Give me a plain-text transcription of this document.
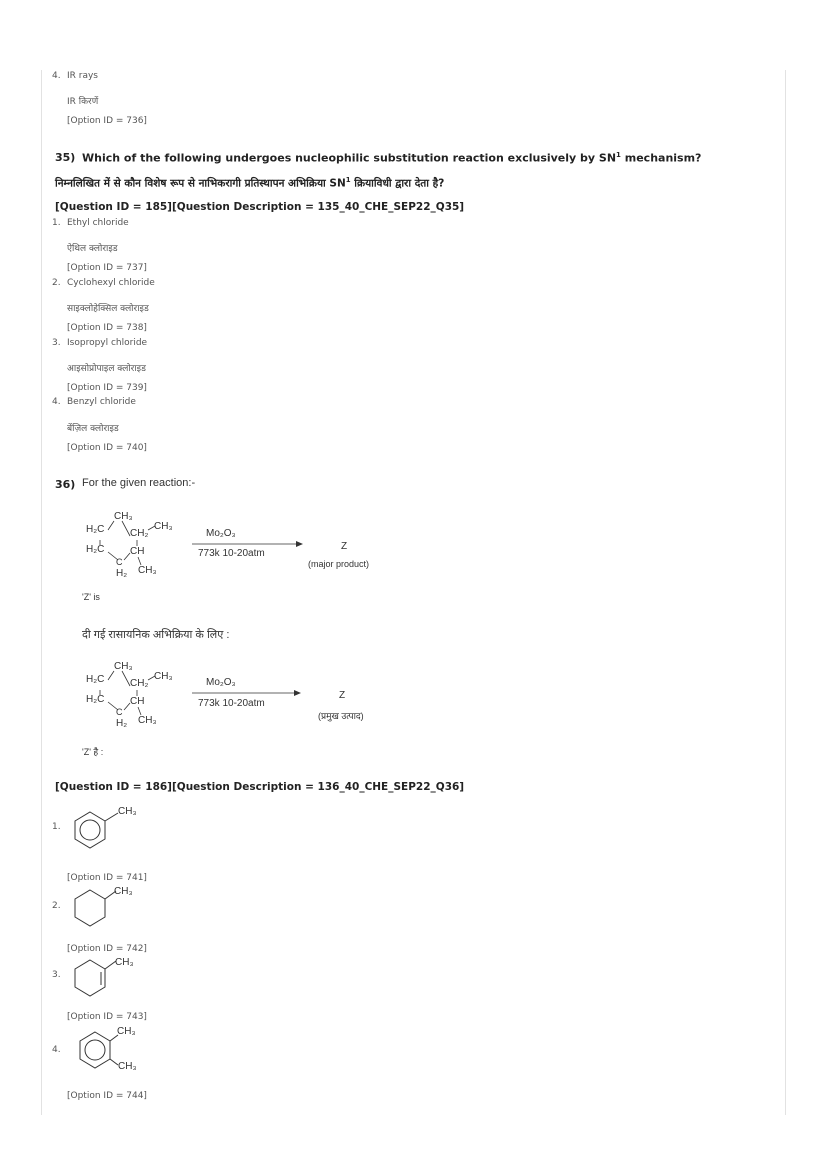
4. IR rays
IR किरणें
[Option ID = 736]
35) Which of the following undergoes nucleophilic substitution reaction exclusively by $SN^1$ mechanism?
निम्नलिखित में से कौन विशेष रूप से नाभिकरागी प्रतिस्थापन अभिक्रिया $SN^1$ क्रियाविधी द्वारा देता है?
[Question ID = 185][Question Description = 135_40_CHE_SEP22_Q35]
1. Ethyl chloride
ऐथिल क्लोराइड
[Option ID = 737]
2. Cyclohexyl chloride
साइक्लोहेक्सिल क्लोराइड
[Option ID = 738]
3. Isopropyl chloride
आइसोप्रोपाइल क्लोराइड
[Option ID = 739]
4. Benzyl chloride
बेंज़िल क्लोराइड
[Option ID = 740]
36) For the given reaction:-
CH₃
H₂C	CH₂
CH₃
H₂C	CH
C
H₂ CH₃
Mo₂O₃
773k 10-20atm
Z
(major product)
'Z' is
दी गई रासायनिक अभिक्रिया के लिए :
CH₃
H₂C	CH₂
CH₃
H₂C	CH
C
H₂ CH₃
Mo₂O₃
773k 10-20atm
Z
(प्रमुख उत्पाद)
'Z' है :
[Question ID = 186][Question Description = 136_40_CHE_SEP22_Q36]
1.
CH₃
[Option ID = 741]
2.
CH₃
[Option ID = 742]
3.
CH₃
[Option ID = 743]
4.
CH₃
CH₃
[Option ID = 744]
